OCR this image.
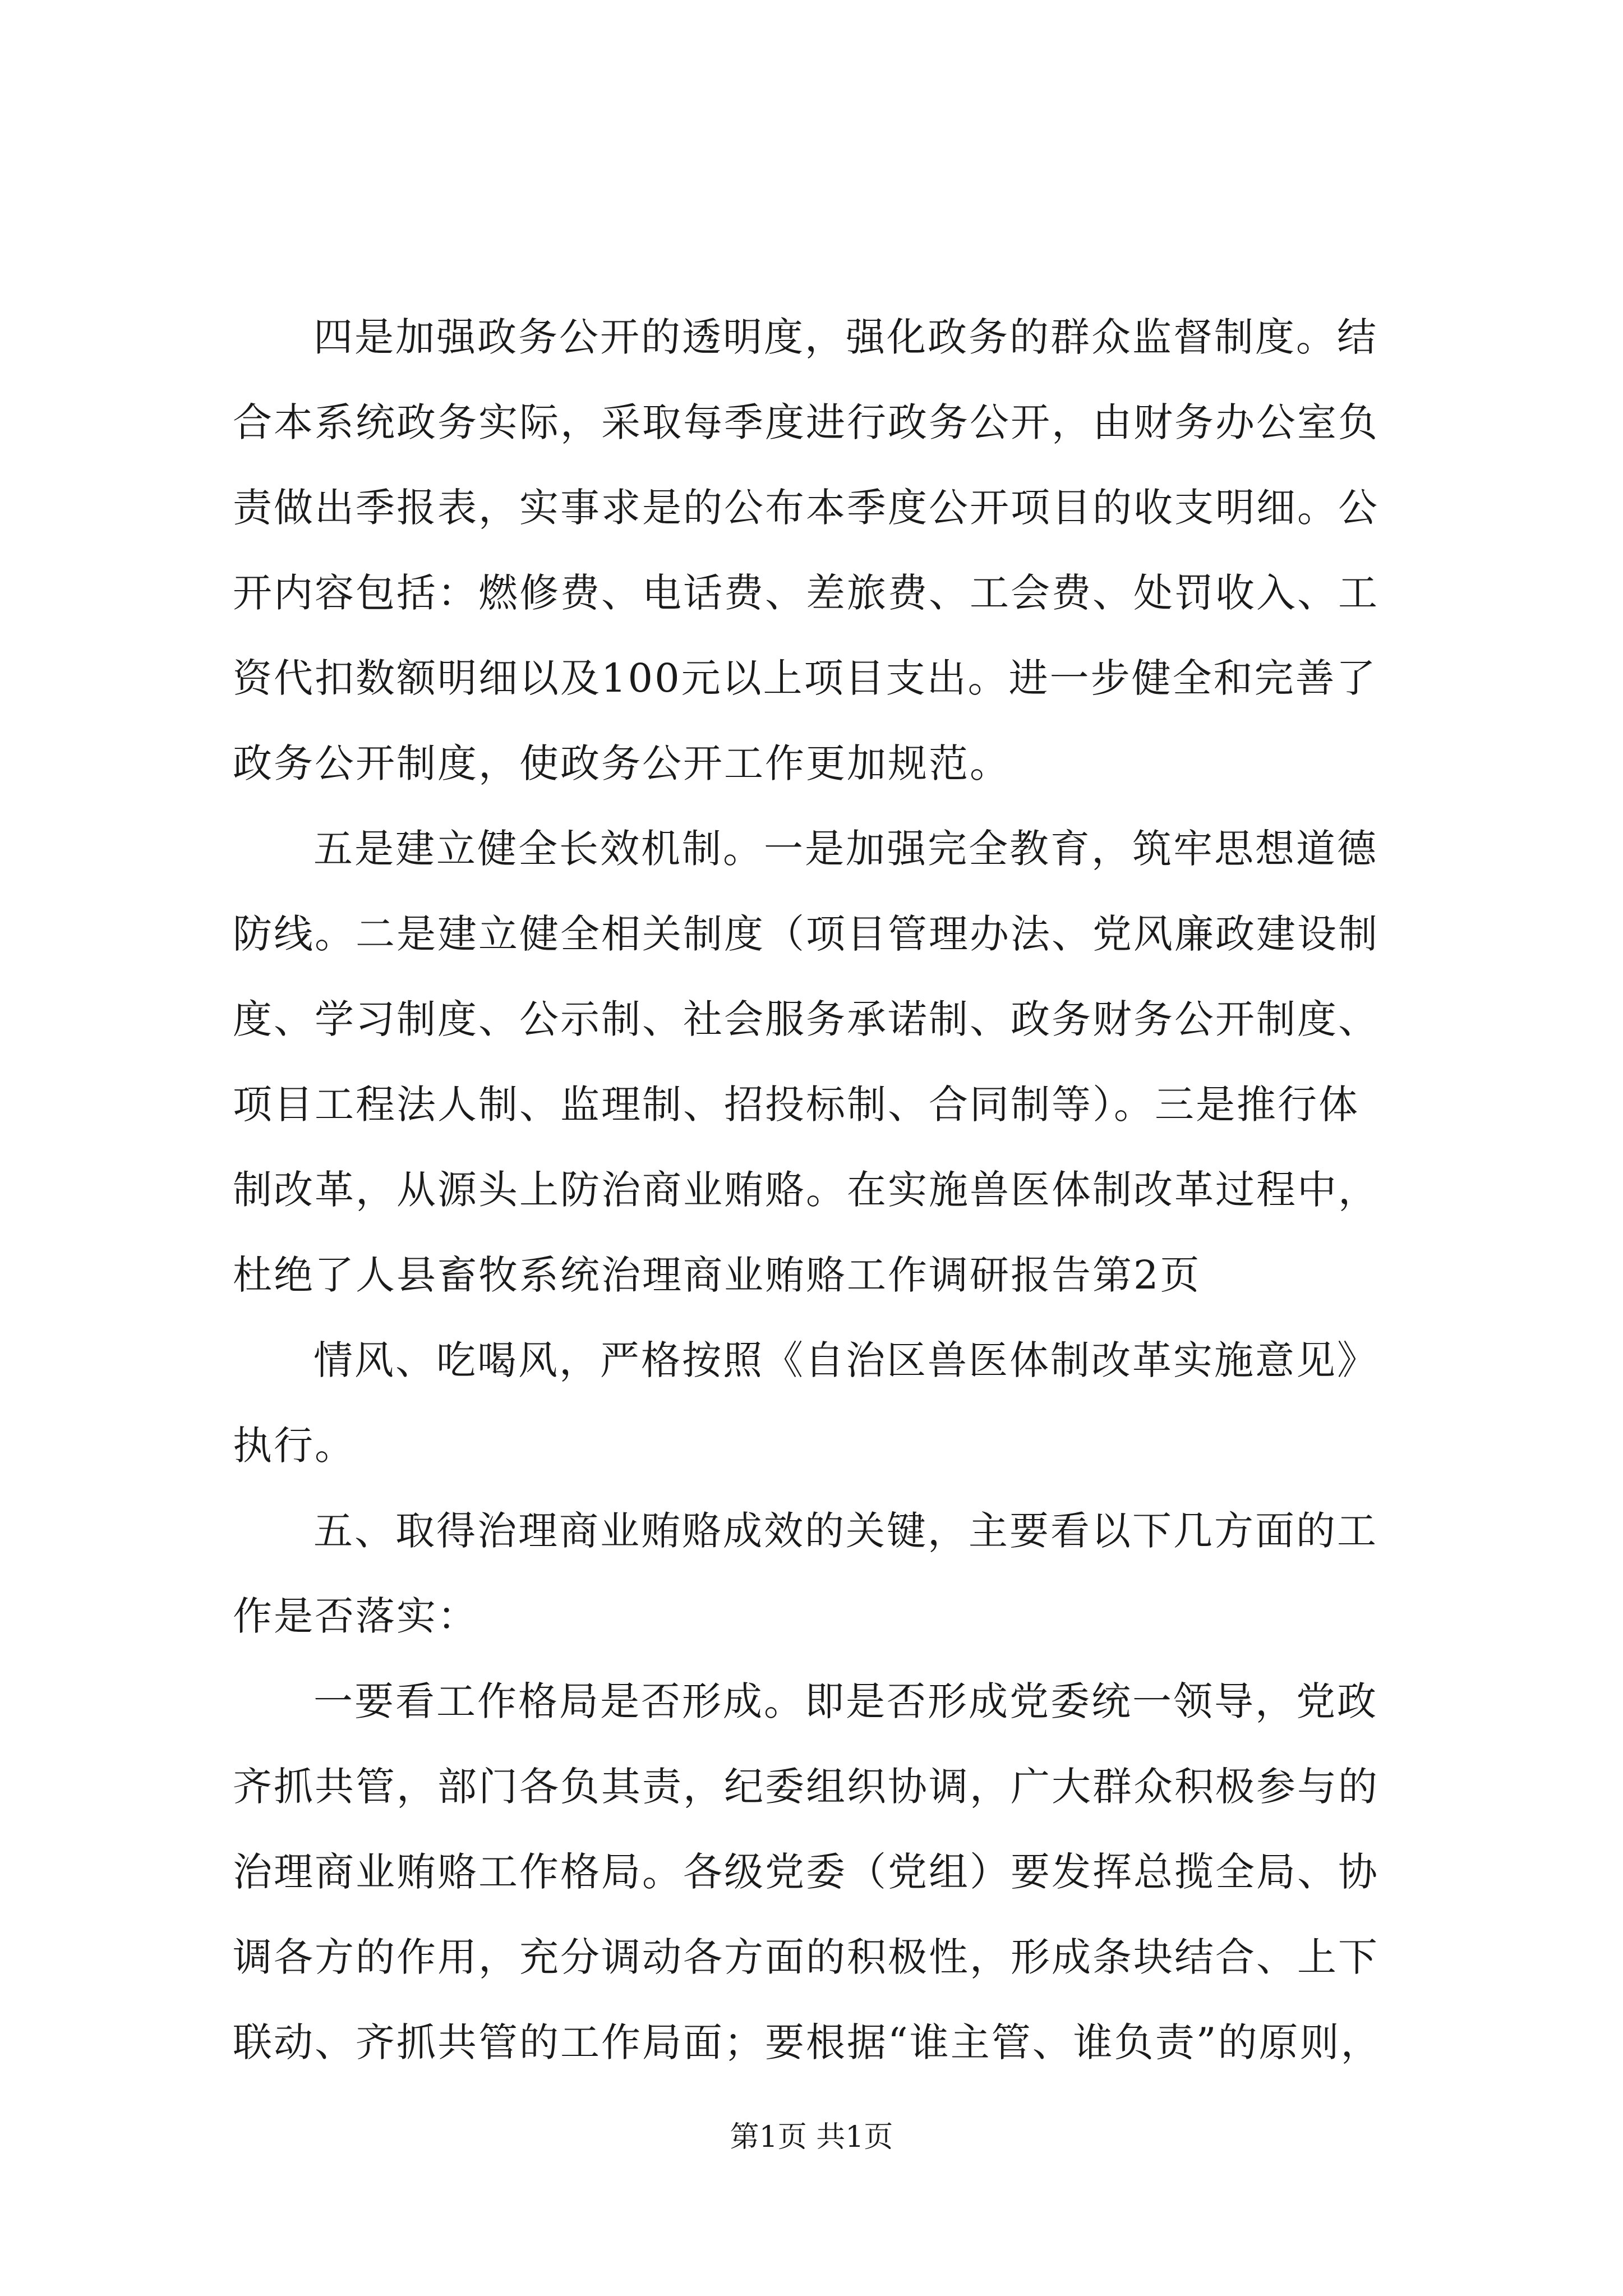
四是加强政务公开的透明度，强化政务的群众监督制度。结
合本系统政务实际，采取每季度进行政务公开，由财务办公室负
责做出季报表，实事求是的公布本季度公开项目的收支明细。公
开内容包括：燃修费、电话费、差旅费、工会费、处罚收入、工
资代扣数额明细以及100元以上项目支出。进一步健全和完善了
政务公开制度，使政务公开工作更加规范。
五是建立健全长效机制。一是加强完全教育，筑牢思想道德
防线。二是建立健全相关制度（项目管理办法、党风廉政建设制
度、学习制度、公示制、社会服务承诺制、政务财务公开制度、
项目工程法人制、监理制、招投标制、合同制等）。三是推行体
制改革，从源头上防治商业贿赂。在实施兽医体制改革过程中，
杜绝了人县畜牧系统治理商业贿赂工作调研报告第2页
情风、吃喝风，严格按照《自治区兽医体制改革实施意见》
执行。
五、取得治理商业贿赂成效的关键，主要看以下几方面的工
作是否落实：
一要看工作格局是否形成。即是否形成党委统一领导，党政
齐抓共管，部门各负其责，纪委组织协调，广大群众积极参与的
治理商业贿赂工作格局。各级党委（党组）要发挥总揽全局、协
调各方的作用，充分调动各方面的积极性，形成条块结合、上下
联动、齐抓共管的工作局面；要根据“谁主管、谁负责”的原则，
第1页 共1页
